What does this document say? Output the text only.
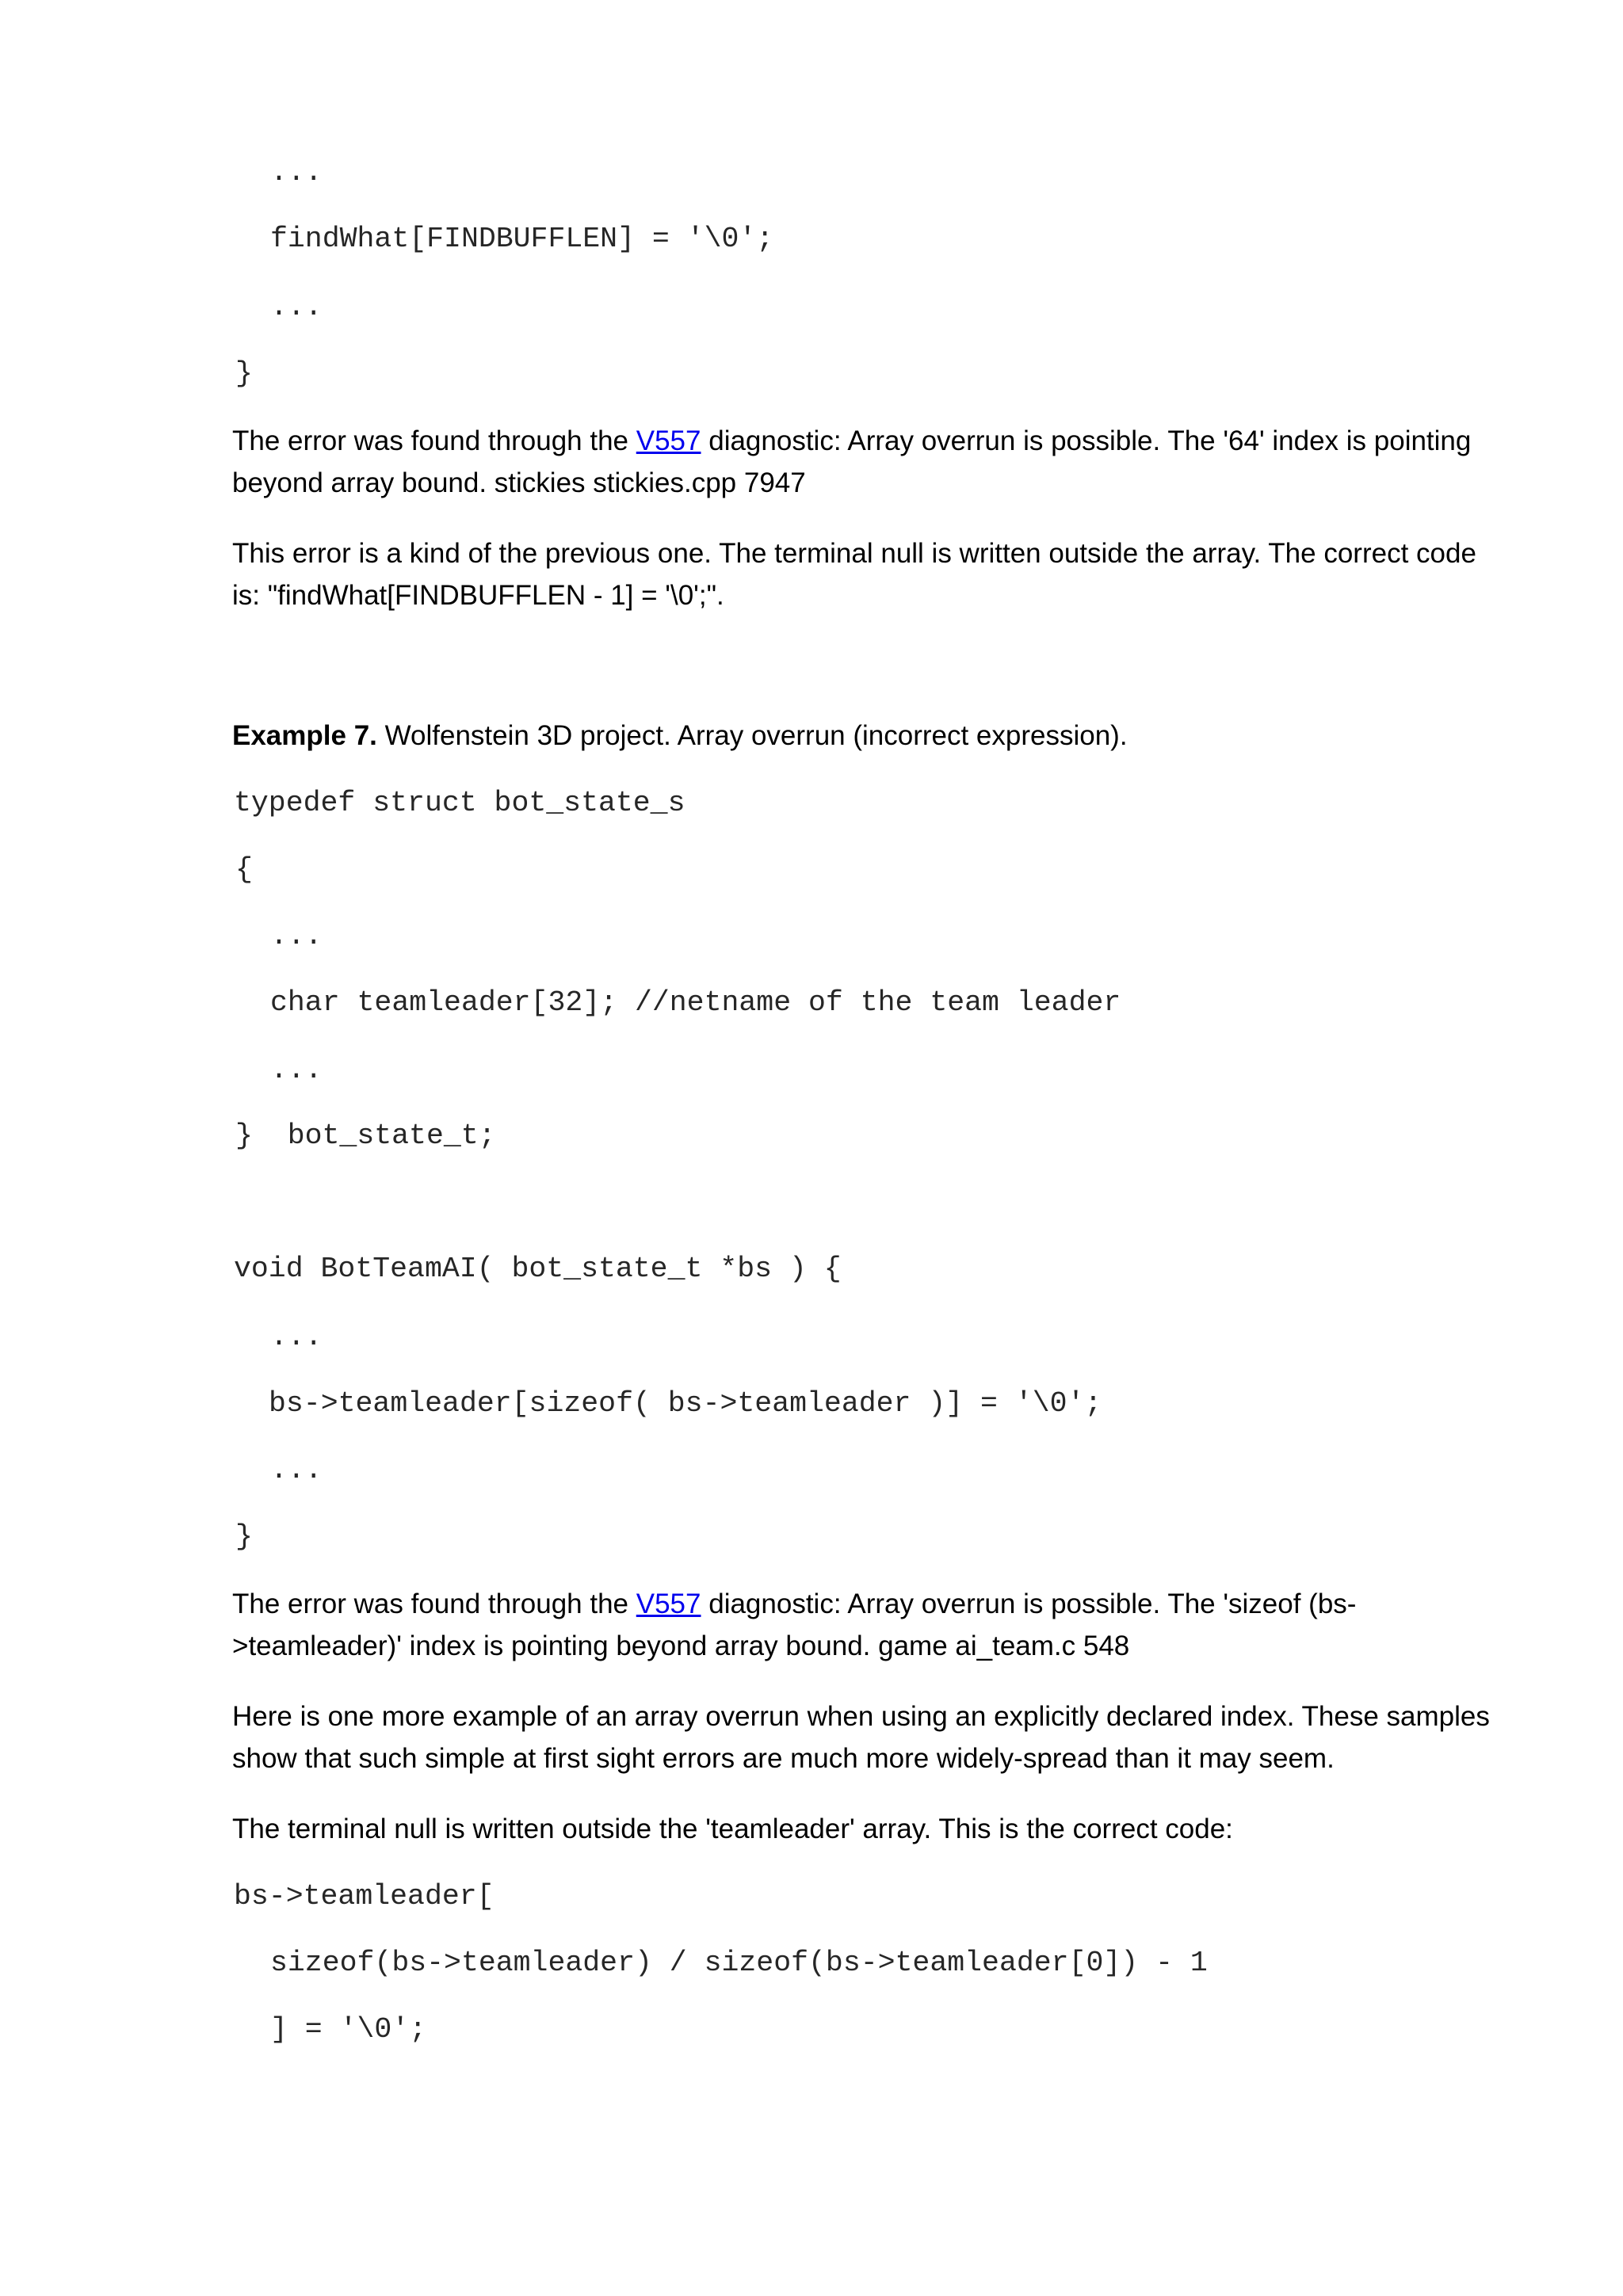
...
findWhat[FINDBUFFLEN] = '\0';
...
}
The error was found through the V557 diagnostic: Array overrun is possible. The '64' index is pointing beyond array bound. stickies stickies.cpp 7947
This error is a kind of the previous one. The terminal null is written outside the array. The correct code is: "findWhat[FINDBUFFLEN - 1] = '\0';".
Example 7. Wolfenstein 3D project. Array overrun (incorrect expression).
typedef struct bot_state_s
{
...
char teamleader[32]; //netname of the team leader
...
}  bot_state_t;
void BotTeamAI( bot_state_t *bs ) {
...
bs->teamleader[sizeof( bs->teamleader )] = '\0';
...
}
The error was found through the V557 diagnostic: Array overrun is possible. The 'sizeof (bs->teamleader)' index is pointing beyond array bound. game ai_team.c 548
Here is one more example of an array overrun when using an explicitly declared index. These samples show that such simple at first sight errors are much more widely-spread than it may seem.
The terminal null is written outside the 'teamleader' array. This is the correct code:
bs->teamleader[
sizeof(bs->teamleader) / sizeof(bs->teamleader[0]) - 1
] = '\0';
